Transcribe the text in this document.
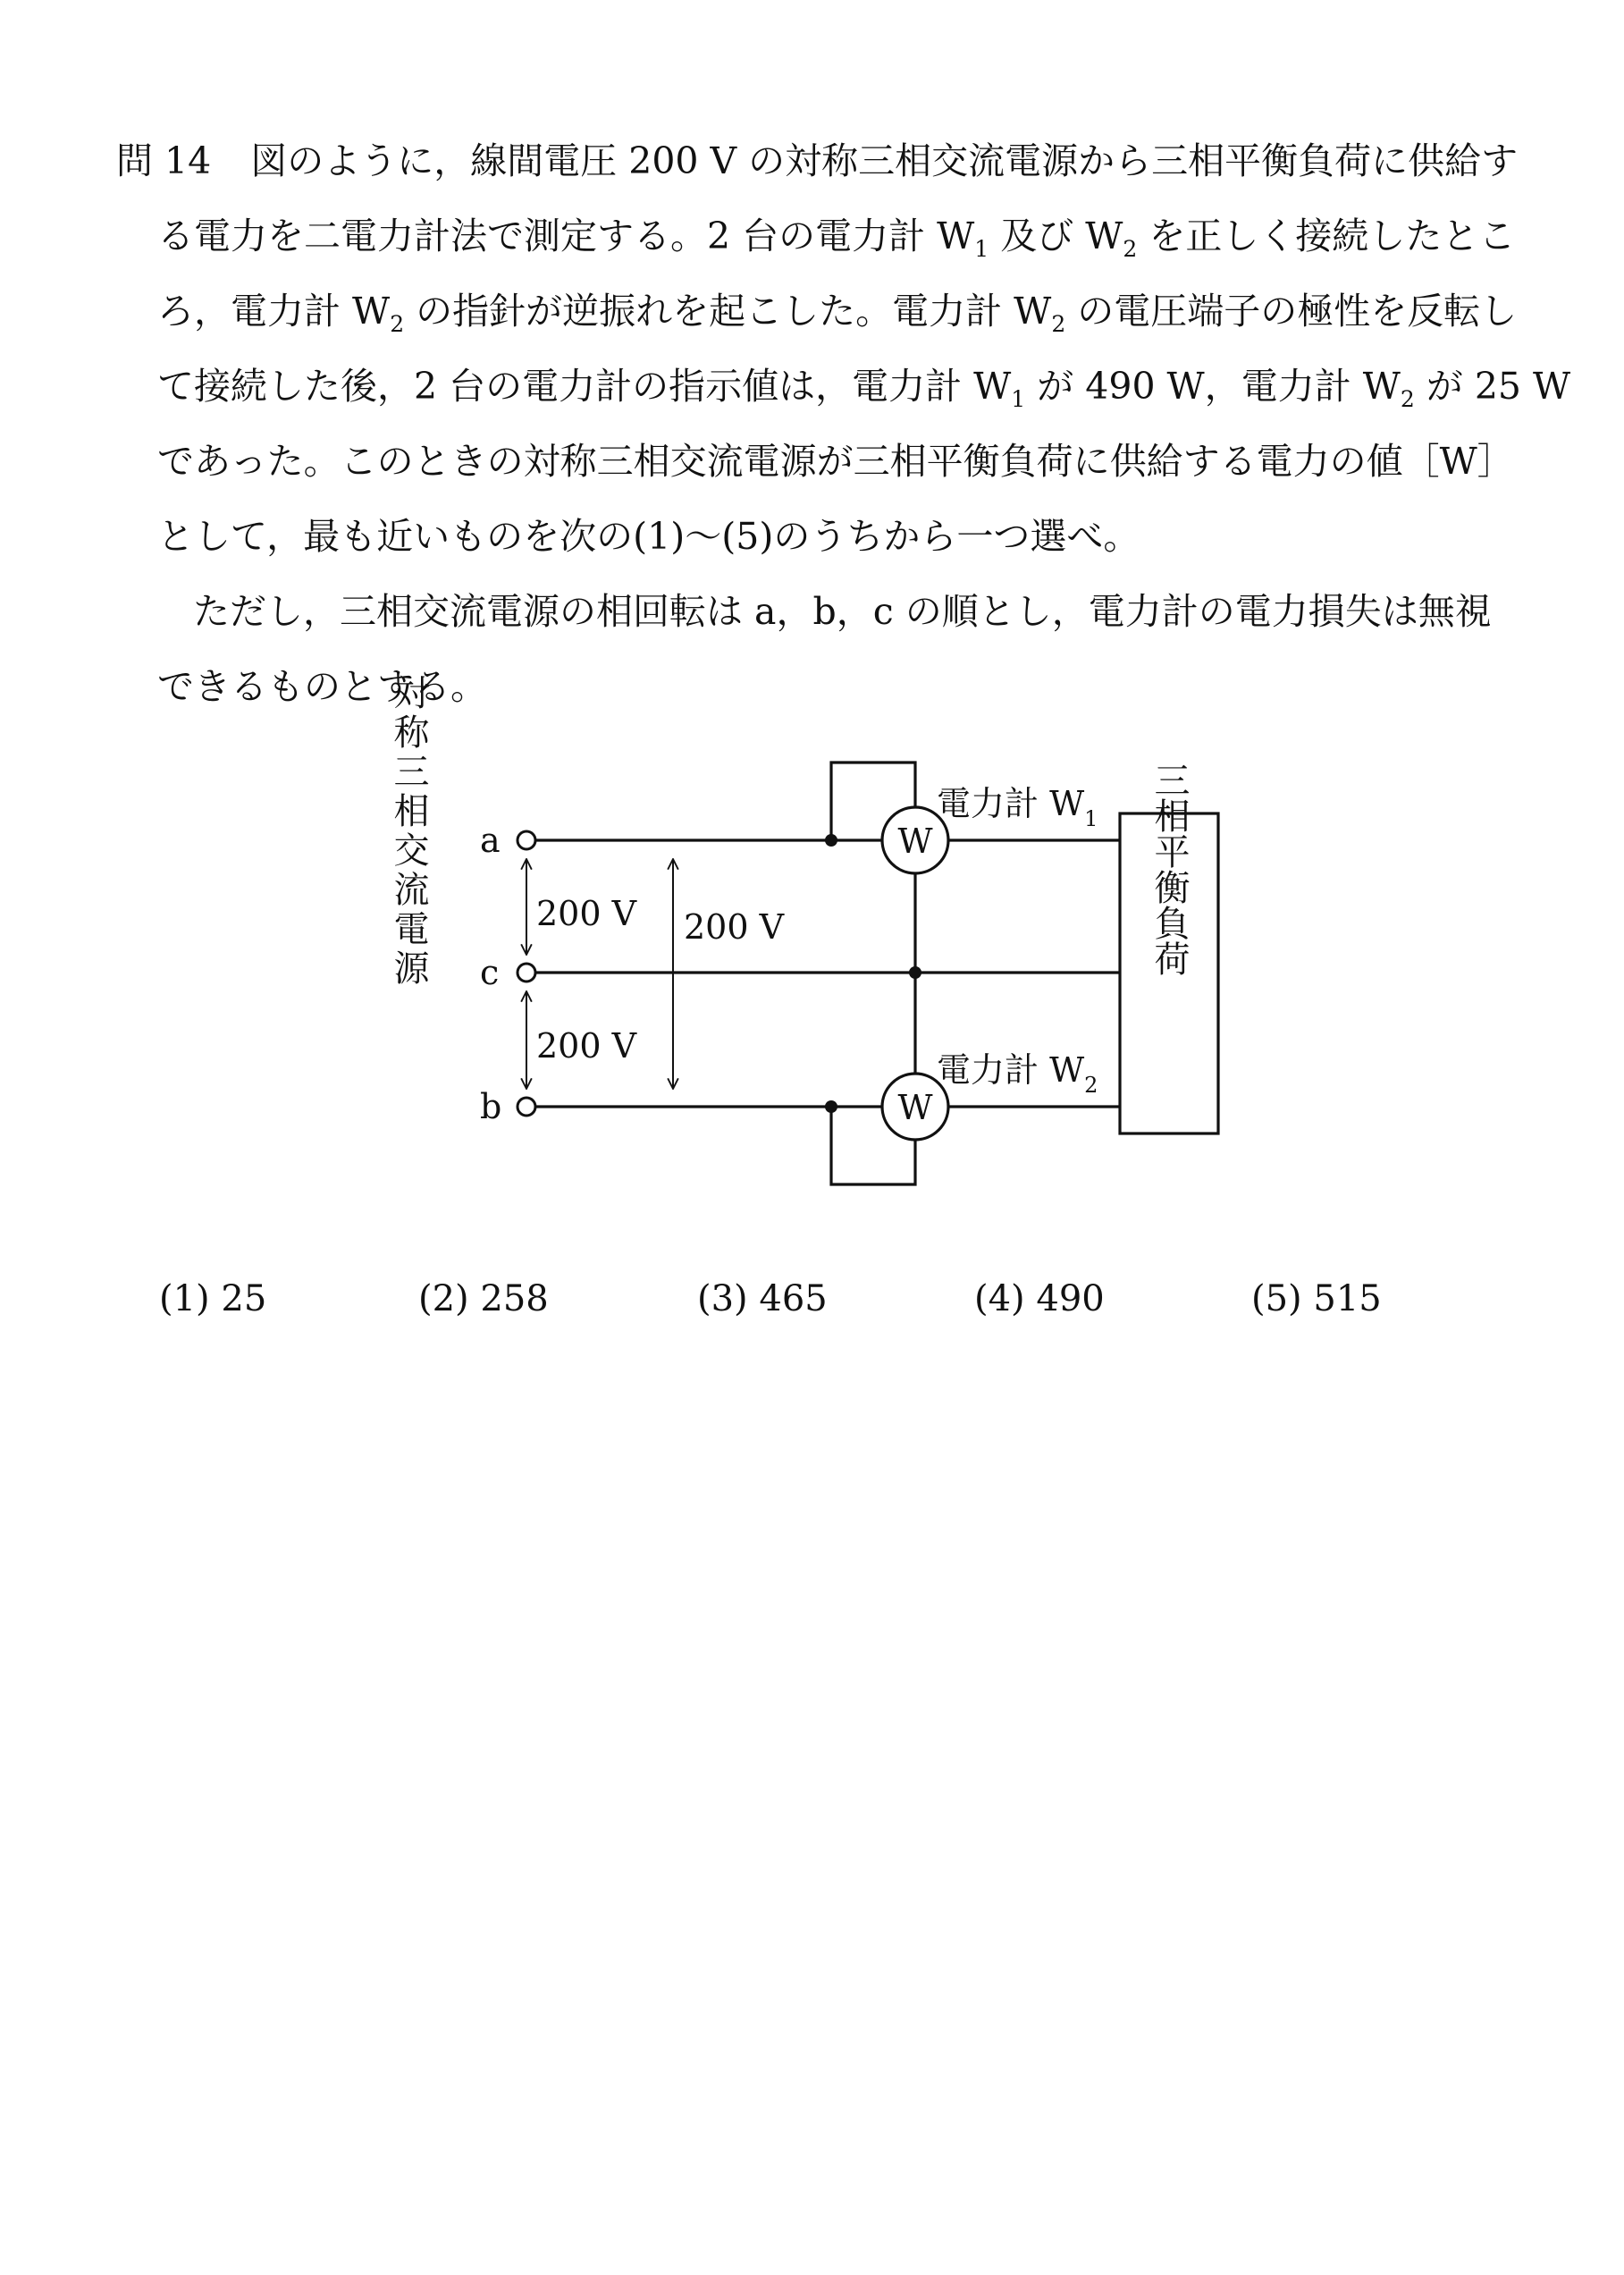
問 14 図のように，線間電圧 200 V の対称三相交流電源から三相平衡負荷に供給す
る電力を二電力計法で測定する。2 台の電力計 $W_1$ 及び $W_2$ を正しく接続したとこ
ろ，電力計 $W_2$ の指針が逆振れを起こした。電力計 $W_2$ の電圧端子の極性を反転し
て接続した後，2 台の電力計の指示値は，電力計 $W_1$ が 490 W，電力計 $W_2$ が 25 W
であった。このときの対称三相交流電源が三相平衡負荷に供給する電力の値［W］
として，最も近いものを次の(1)～(5)のうちから一つ選べ。
ただし，三相交流電源の相回転は a，b，c の順とし，電力計の電力損失は無視
できるものとする。
a
c
b
W
W
電力計 $W_1$
電力計 $W_2$
三相平衡負荷
対称三相交流電源	200 V
200 V
200 V
(1) 25	(2) 258	(3) 465	(4) 490	(5) 515
